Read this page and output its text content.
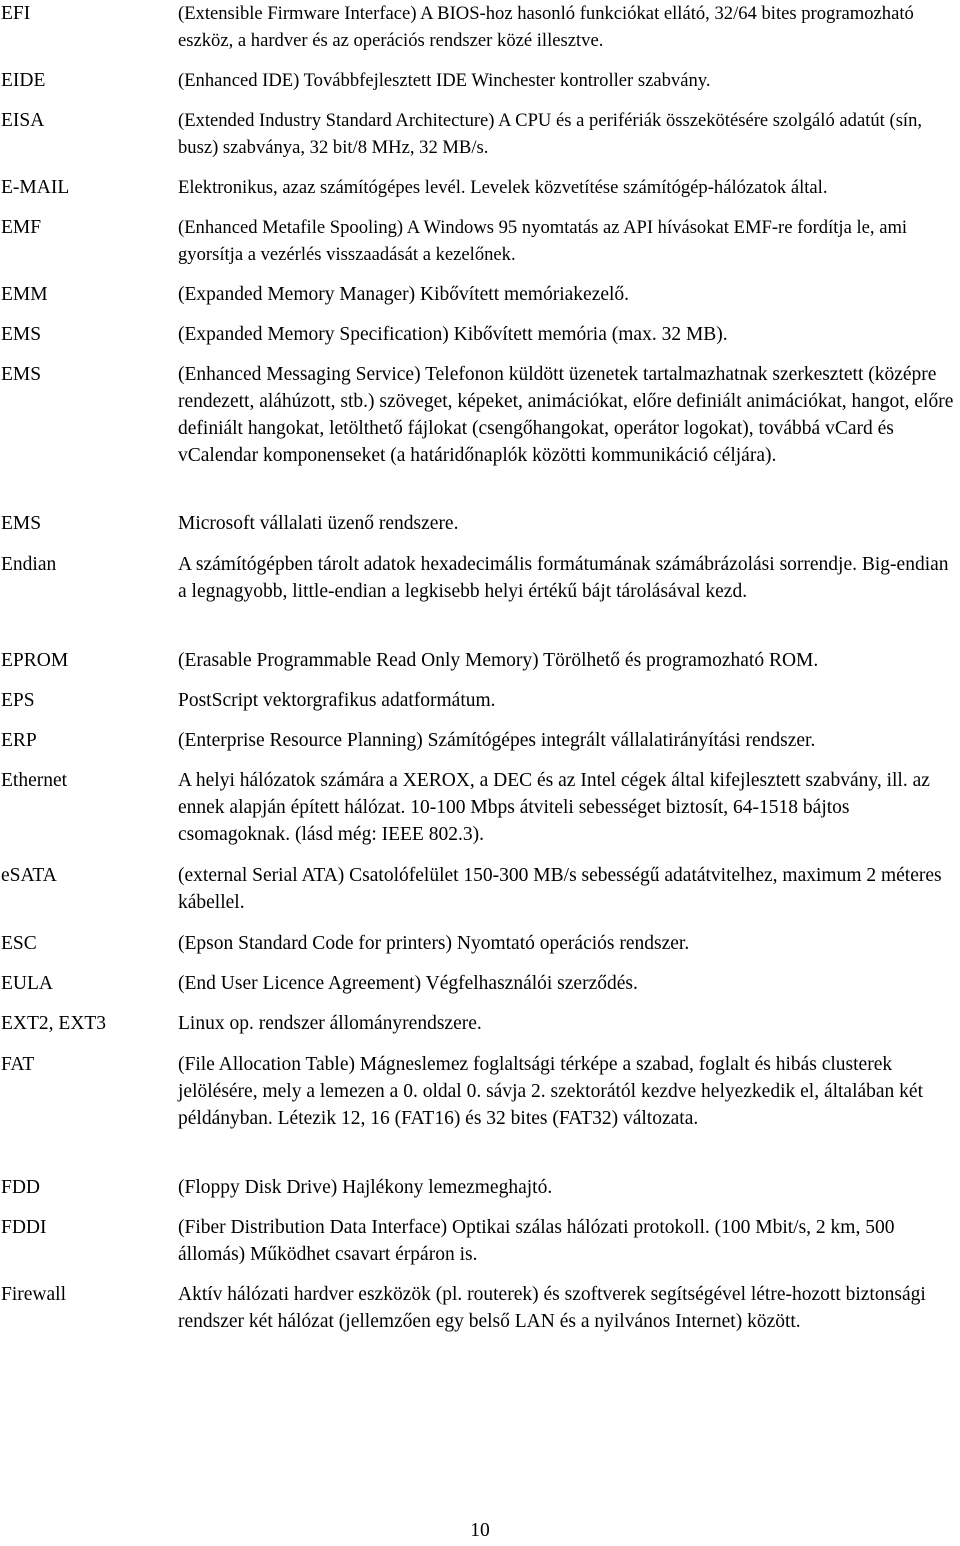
EFI	(Extensible Firmware Interface) A BIOS-hoz hasonló funkciókat ellátó, 32/64 bites programozható eszköz, a hardver és az operációs rendszer közé illesztve.
EIDE	(Enhanced IDE) Továbbfejlesztett IDE Winchester kontroller szabvány.
EISA	(Extended Industry Standard Architecture) A CPU és a perifériák összekötésére szolgáló adatút (sín, busz) szabványa, 32 bit/8 MHz, 32 MB/s.
E-MAIL	Elektronikus, azaz számítógépes levél. Levelek közvetítése számítógép-hálózatok által.
EMF	(Enhanced Metafile Spooling) A Windows 95 nyomtatás az API hívásokat EMF-re fordítja le, ami gyorsítja a vezérlés visszaadását a kezelőnek.
EMM	(Expanded Memory Manager) Kibővített memóriakezelő.
EMS	(Expanded Memory Specification) Kibővített memória (max. 32 MB).
EMS	(Enhanced Messaging Service) Telefonon küldött üzenetek tartalmazhatnak szerkesztett (középre rendezett, aláhúzott, stb.) szöveget, képeket, animációkat, előre definiált animációkat, hangot, előre definiált hangokat, letölthető fájlokat (csengőhangokat, operátor logokat), továbbá vCard és vCalendar komponenseket (a határidőnaplók közötti kommunikáció céljára).
EMS	Microsoft vállalati üzenő rendszere.
Endian	A számítógépben tárolt adatok hexadecimális formátumának számábrázolási sorrendje. Big-endian a legnagyobb, little-endian a legkisebb helyi értékű bájt tárolásával kezd.
EPROM	(Erasable Programmable Read Only Memory) Törölhető és programozható ROM.
EPS	PostScript vektorgrafikus adatformátum.
ERP	(Enterprise Resource Planning) Számítógépes integrált vállalatirányítási rendszer.
Ethernet	A helyi hálózatok számára a XEROX, a DEC és az Intel cégek által kifejlesztett szabvány, ill. az ennek alapján épített hálózat. 10-100 Mbps átviteli sebességet biztosít, 64-1518 bájtos csomagoknak. (lásd még: IEEE 802.3).
eSATA	(external Serial ATA) Csatolófelület 150-300 MB/s sebességű adatátvitelhez, maximum 2 méteres kábellel.
ESC	(Epson Standard Code for printers) Nyomtató operációs rendszer.
EULA	(End User Licence Agreement) Végfelhasználói szerződés.
EXT2, EXT3	Linux op. rendszer állományrendszere.
FAT	(File Allocation Table) Mágneslemez foglaltsági térképe a szabad, foglalt és hibás clusterek jelölésére, mely a lemezen a 0. oldal 0. sávja 2. szektorától kezdve helyezkedik el, általában két példányban. Létezik 12, 16 (FAT16) és 32 bites (FAT32) változata.
FDD	(Floppy Disk Drive) Hajlékony lemezmeghajtó.
FDDI	(Fiber Distribution Data Interface) Optikai szálas hálózati protokoll. (100 Mbit/s, 2 km, 500 állomás) Működhet csavart érpáron is.
Firewall	Aktív hálózati hardver eszközök (pl. routerek) és szoftverek segítségével létre-hozott biztonsági rendszer két hálózat (jellemzően egy belső LAN és a nyilvános Internet) között.
10
